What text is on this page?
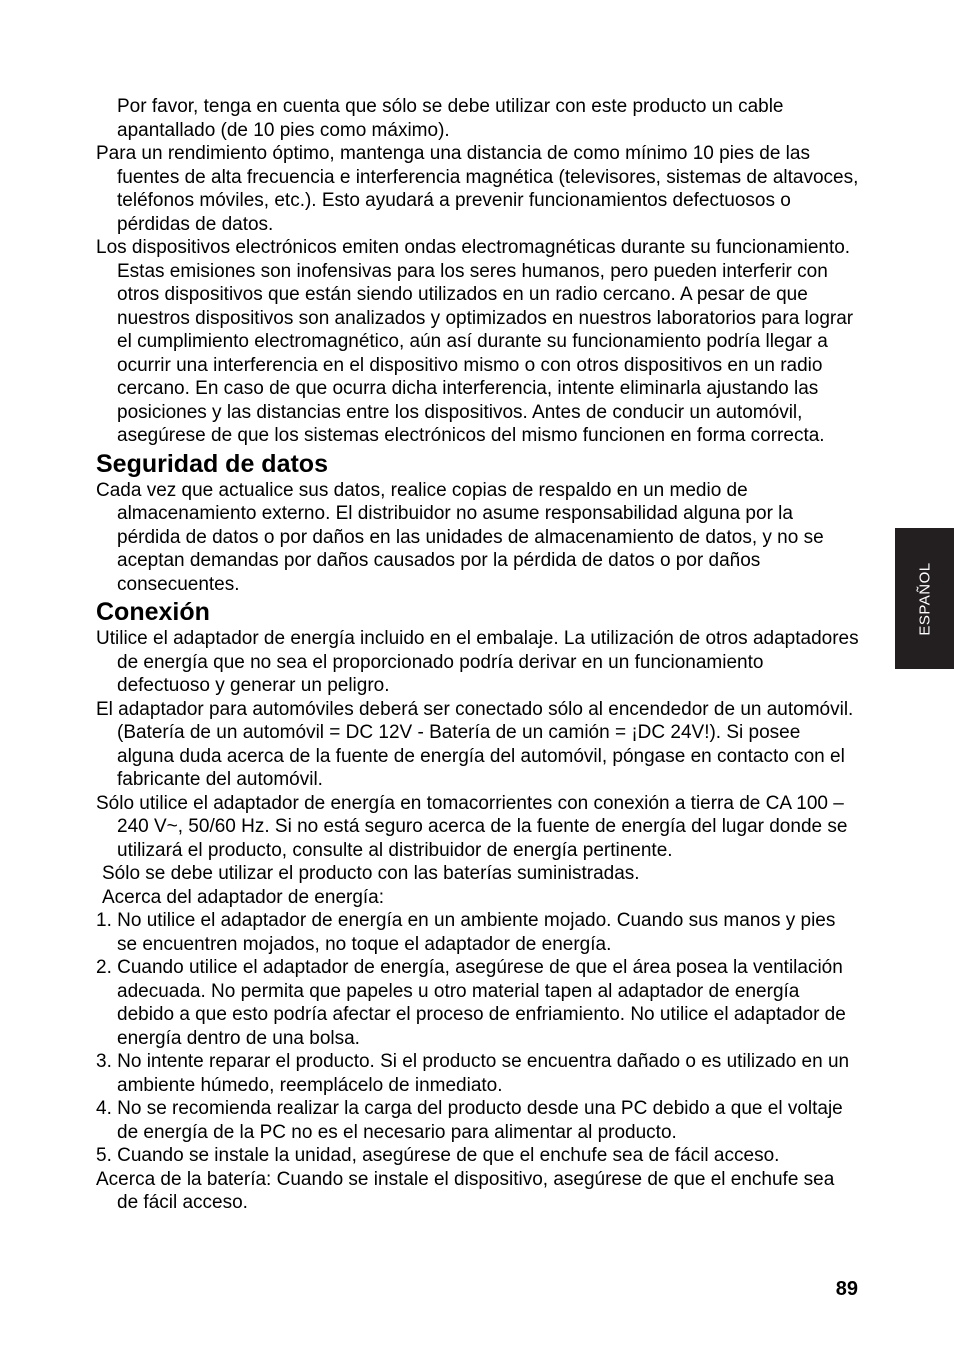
Por favor, tenga en cuenta que sólo se debe utilizar con este producto un cable apantallado (de 10 pies como máximo).

Para un rendimiento óptimo, mantenga una distancia de como mínimo 10 pies de las fuentes de alta frecuencia e interferencia magnética (televisores, sistemas de altavoces, teléfonos móviles, etc.). Esto ayudará a prevenir funcionamientos defectuosos o pérdidas de datos.

Los dispositivos electrónicos emiten ondas electromagnéticas durante su funcionamiento. Estas emisiones son inofensivas para los seres humanos, pero pueden interferir con otros dispositivos que están siendo utilizados en un radio cercano. A pesar de que nuestros dispositivos son analizados y optimizados en nuestros laboratorios para lograr el cumplimiento electromagnético, aún así durante su funcionamiento podría llegar a ocurrir una interferencia en el dispositivo mismo o con otros dispositivos en un radio cercano. En caso de que ocurra dicha interferencia, intente eliminarla ajustando las posiciones y las distancias entre los dispositivos. Antes de conducir un automóvil, asegúrese de que los sistemas electrónicos del mismo funcionen en forma correcta.

Seguridad de datos

Cada vez que actualice sus datos, realice copias de respaldo en un medio de almacenamiento externo. El distribuidor no asume responsabilidad alguna por la pérdida de datos o por daños en las unidades de almacenamiento de datos, y no se aceptan demandas por daños causados por la pérdida de datos o por daños consecuentes.

Conexión

Utilice el adaptador de energía incluido en el embalaje. La utilización de otros adaptadores de energía que no sea el proporcionado podría derivar en un funcionamiento defectuoso y generar un peligro.

El adaptador para automóviles deberá ser conectado sólo al encendedor de un automóvil. (Batería de un automóvil = DC 12V - Batería de un camión = ¡DC 24V!). Si posee alguna duda acerca de la fuente de energía del automóvil, póngase en contacto con el fabricante del automóvil.

Sólo utilice el adaptador de energía en tomacorrientes con conexión a tierra de CA 100 – 240 V~, 50/60 Hz. Si no está seguro acerca de la fuente de energía del lugar donde se utilizará el producto, consulte al distribuidor de energía pertinente.

Sólo se debe utilizar el producto con las baterías suministradas.

Acerca del adaptador de energía:

1. No utilice el adaptador de energía en un ambiente mojado. Cuando sus manos y pies se encuentren mojados, no toque el adaptador de energía.

2. Cuando utilice el adaptador de energía, asegúrese de que el área posea la ventilación adecuada. No permita que papeles u otro material tapen al adaptador de energía debido a que esto podría afectar el proceso de enfriamiento. No utilice el adaptador de energía dentro de una bolsa.

3. No intente reparar el producto. Si el producto se encuentra dañado o es utilizado en un ambiente húmedo, reemplácelo de inmediato.

4. No se recomienda realizar la carga del producto desde una PC debido a que el voltaje de energía de la PC no es el necesario para alimentar al producto.

5. Cuando se instale la unidad, asegúrese de que el enchufe sea de fácil acceso.

Acerca de la batería: Cuando se instale el dispositivo, asegúrese de que el enchufe sea de fácil acceso.

ESPAÑOL
89
